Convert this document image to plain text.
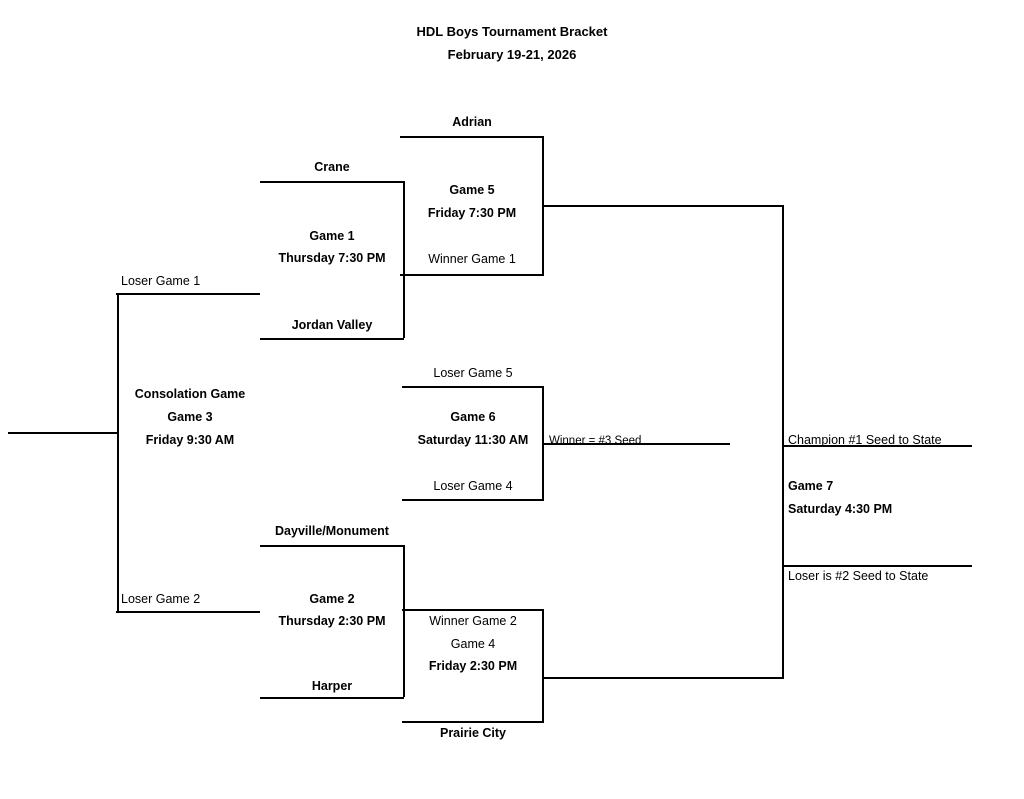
HDL Boys Tournament Bracket
February 19-21, 2026
Adrian
Crane
Jordan Valley
Game 1
Thursday 7:30 PM	Winner Game 1
Game 5
Friday 7:30 PM
Loser Game 1
Loser Game 2
Consolation Game
Game 3
Friday 9:30 AM
Loser Game 5
Loser Game 4
Game 6
Saturday 11:30 AM	Winner = #3 Seed
Dayville/Monument
Harper
Game 2
Thursday 2:30 PM	Winner Game 2
Prairie City
Game 4
Friday 2:30 PM
Champion #1 Seed to State
Loser is #2 Seed to State
Game 7
Saturday 4:30 PM
